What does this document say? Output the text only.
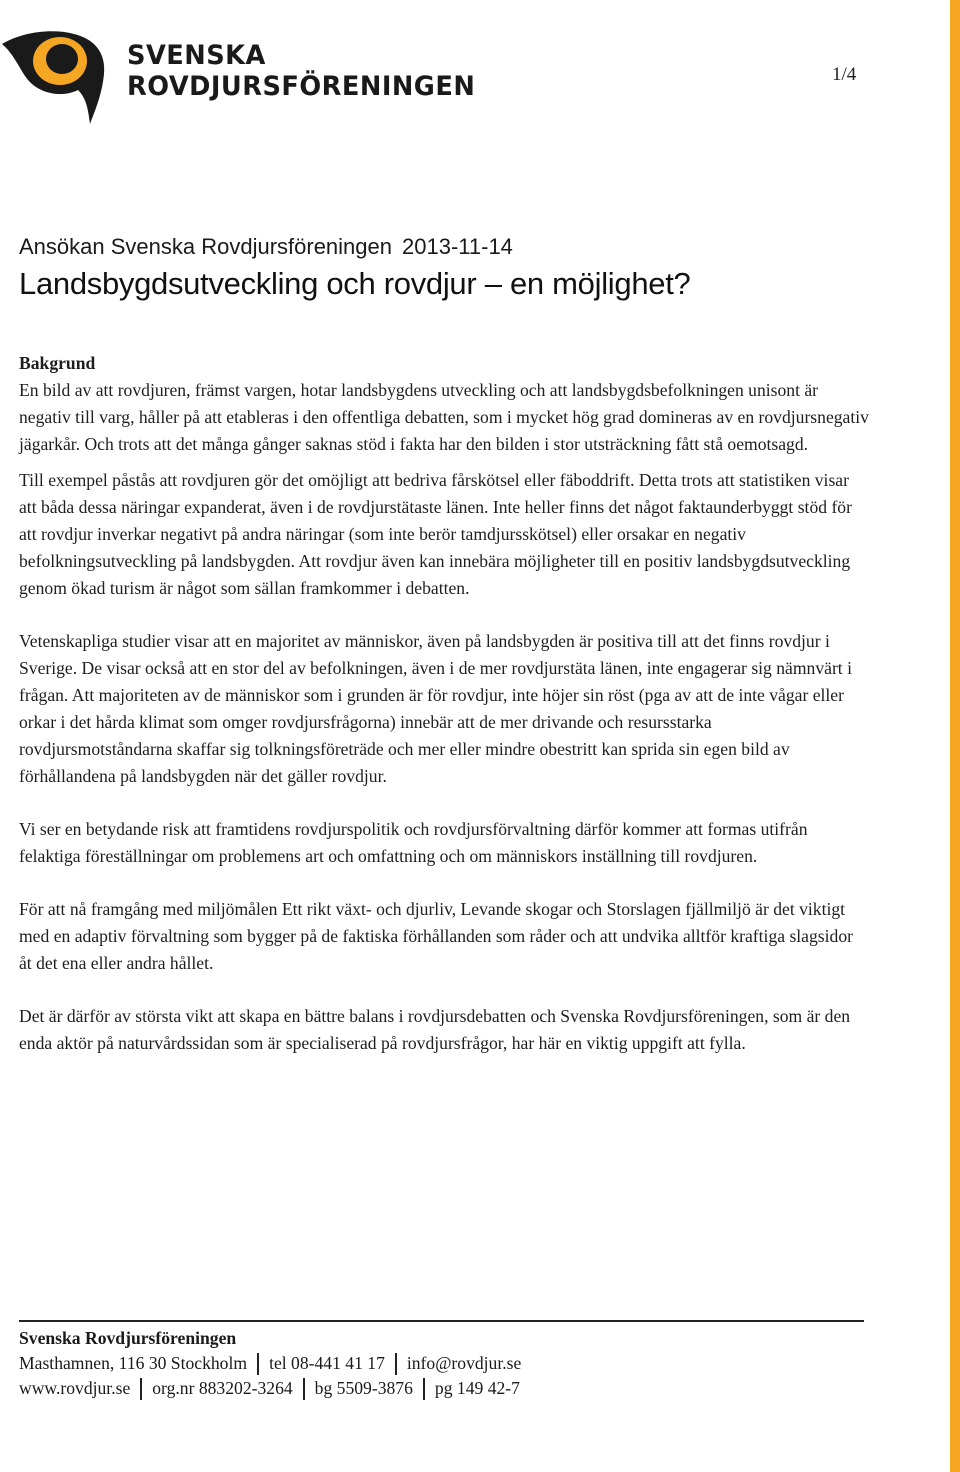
SVENSKA
ROVDJURSFÖRENINGEN	1/4
Ansökan Svenska Rovdjursföreningen 2013-11-14
Landsbygdsutveckling och rovdjur – en möjlighet?
Bakgrund

En bild av att rovdjuren, främst vargen, hotar landsbygdens utveckling och att landsbygdsbefolkningen unisont är negativ till varg, håller på att etableras i den offentliga debatten, som i mycket hög grad domineras av en rovdjursnegativ jägarkår. Och trots att det många gånger saknas stöd i fakta har den bilden i stor utsträckning fått stå oemotsagd.

Till exempel påstås att rovdjuren gör det omöjligt att bedriva fårskötsel eller fäboddrift. Detta trots att statistiken visar att båda dessa näringar expanderat, även i de rovdjurstätaste länen. Inte heller finns det något faktaunderbyggt stöd för att rovdjur inverkar negativt på andra näringar (som inte berör tamdjursskötsel) eller orsakar en negativ befolkningsutveckling på landsbygden. Att rovdjur även kan innebära möjligheter till en positiv landsbygdsutveckling genom ökad turism är något som sällan framkommer i debatten.

Vetenskapliga studier visar att en majoritet av människor, även på landsbygden är positiva till att det finns rovdjur i Sverige. De visar också att en stor del av befolkningen, även i de mer rovdjurstäta länen, inte engagerar sig nämnvärt i frågan. Att majoriteten av de människor som i grunden är för rovdjur, inte höjer sin röst (pga av att de inte vågar eller orkar i det hårda klimat som omger rovdjursfrågorna) innebär att de mer drivande och resursstarka rovdjursmotståndarna skaffar sig tolkningsföreträde och mer eller mindre obestritt kan sprida sin egen bild av förhållandena på landsbygden när det gäller rovdjur.

Vi ser en betydande risk att framtidens rovdjurspolitik och rovdjursförvaltning därför kommer att formas utifrån felaktiga föreställningar om problemens art och omfattning och om människors inställning till rovdjuren.

För att nå framgång med miljömålen Ett rikt växt- och djurliv, Levande skogar och Storslagen fjällmiljö är det viktigt med en adaptiv förvaltning som bygger på de faktiska förhållanden som råder och att undvika alltför kraftiga slagsidor åt det ena eller andra hållet.

Det är därför av största vikt att skapa en bättre balans i rovdjursdebatten och Svenska Rovdjursföreningen, som är den enda aktör på naturvårdssidan som är specialiserad på rovdjursfrågor, har här en viktig uppgift att fylla.

Svenska Rovdjursföreningen
Masthamnen, 116 30 Stockholm tel 08-441 41 17 info@rovdjur.se
www.rovdjur.se org.nr 883202-3264 bg 5509-3876 pg 149 42-7
